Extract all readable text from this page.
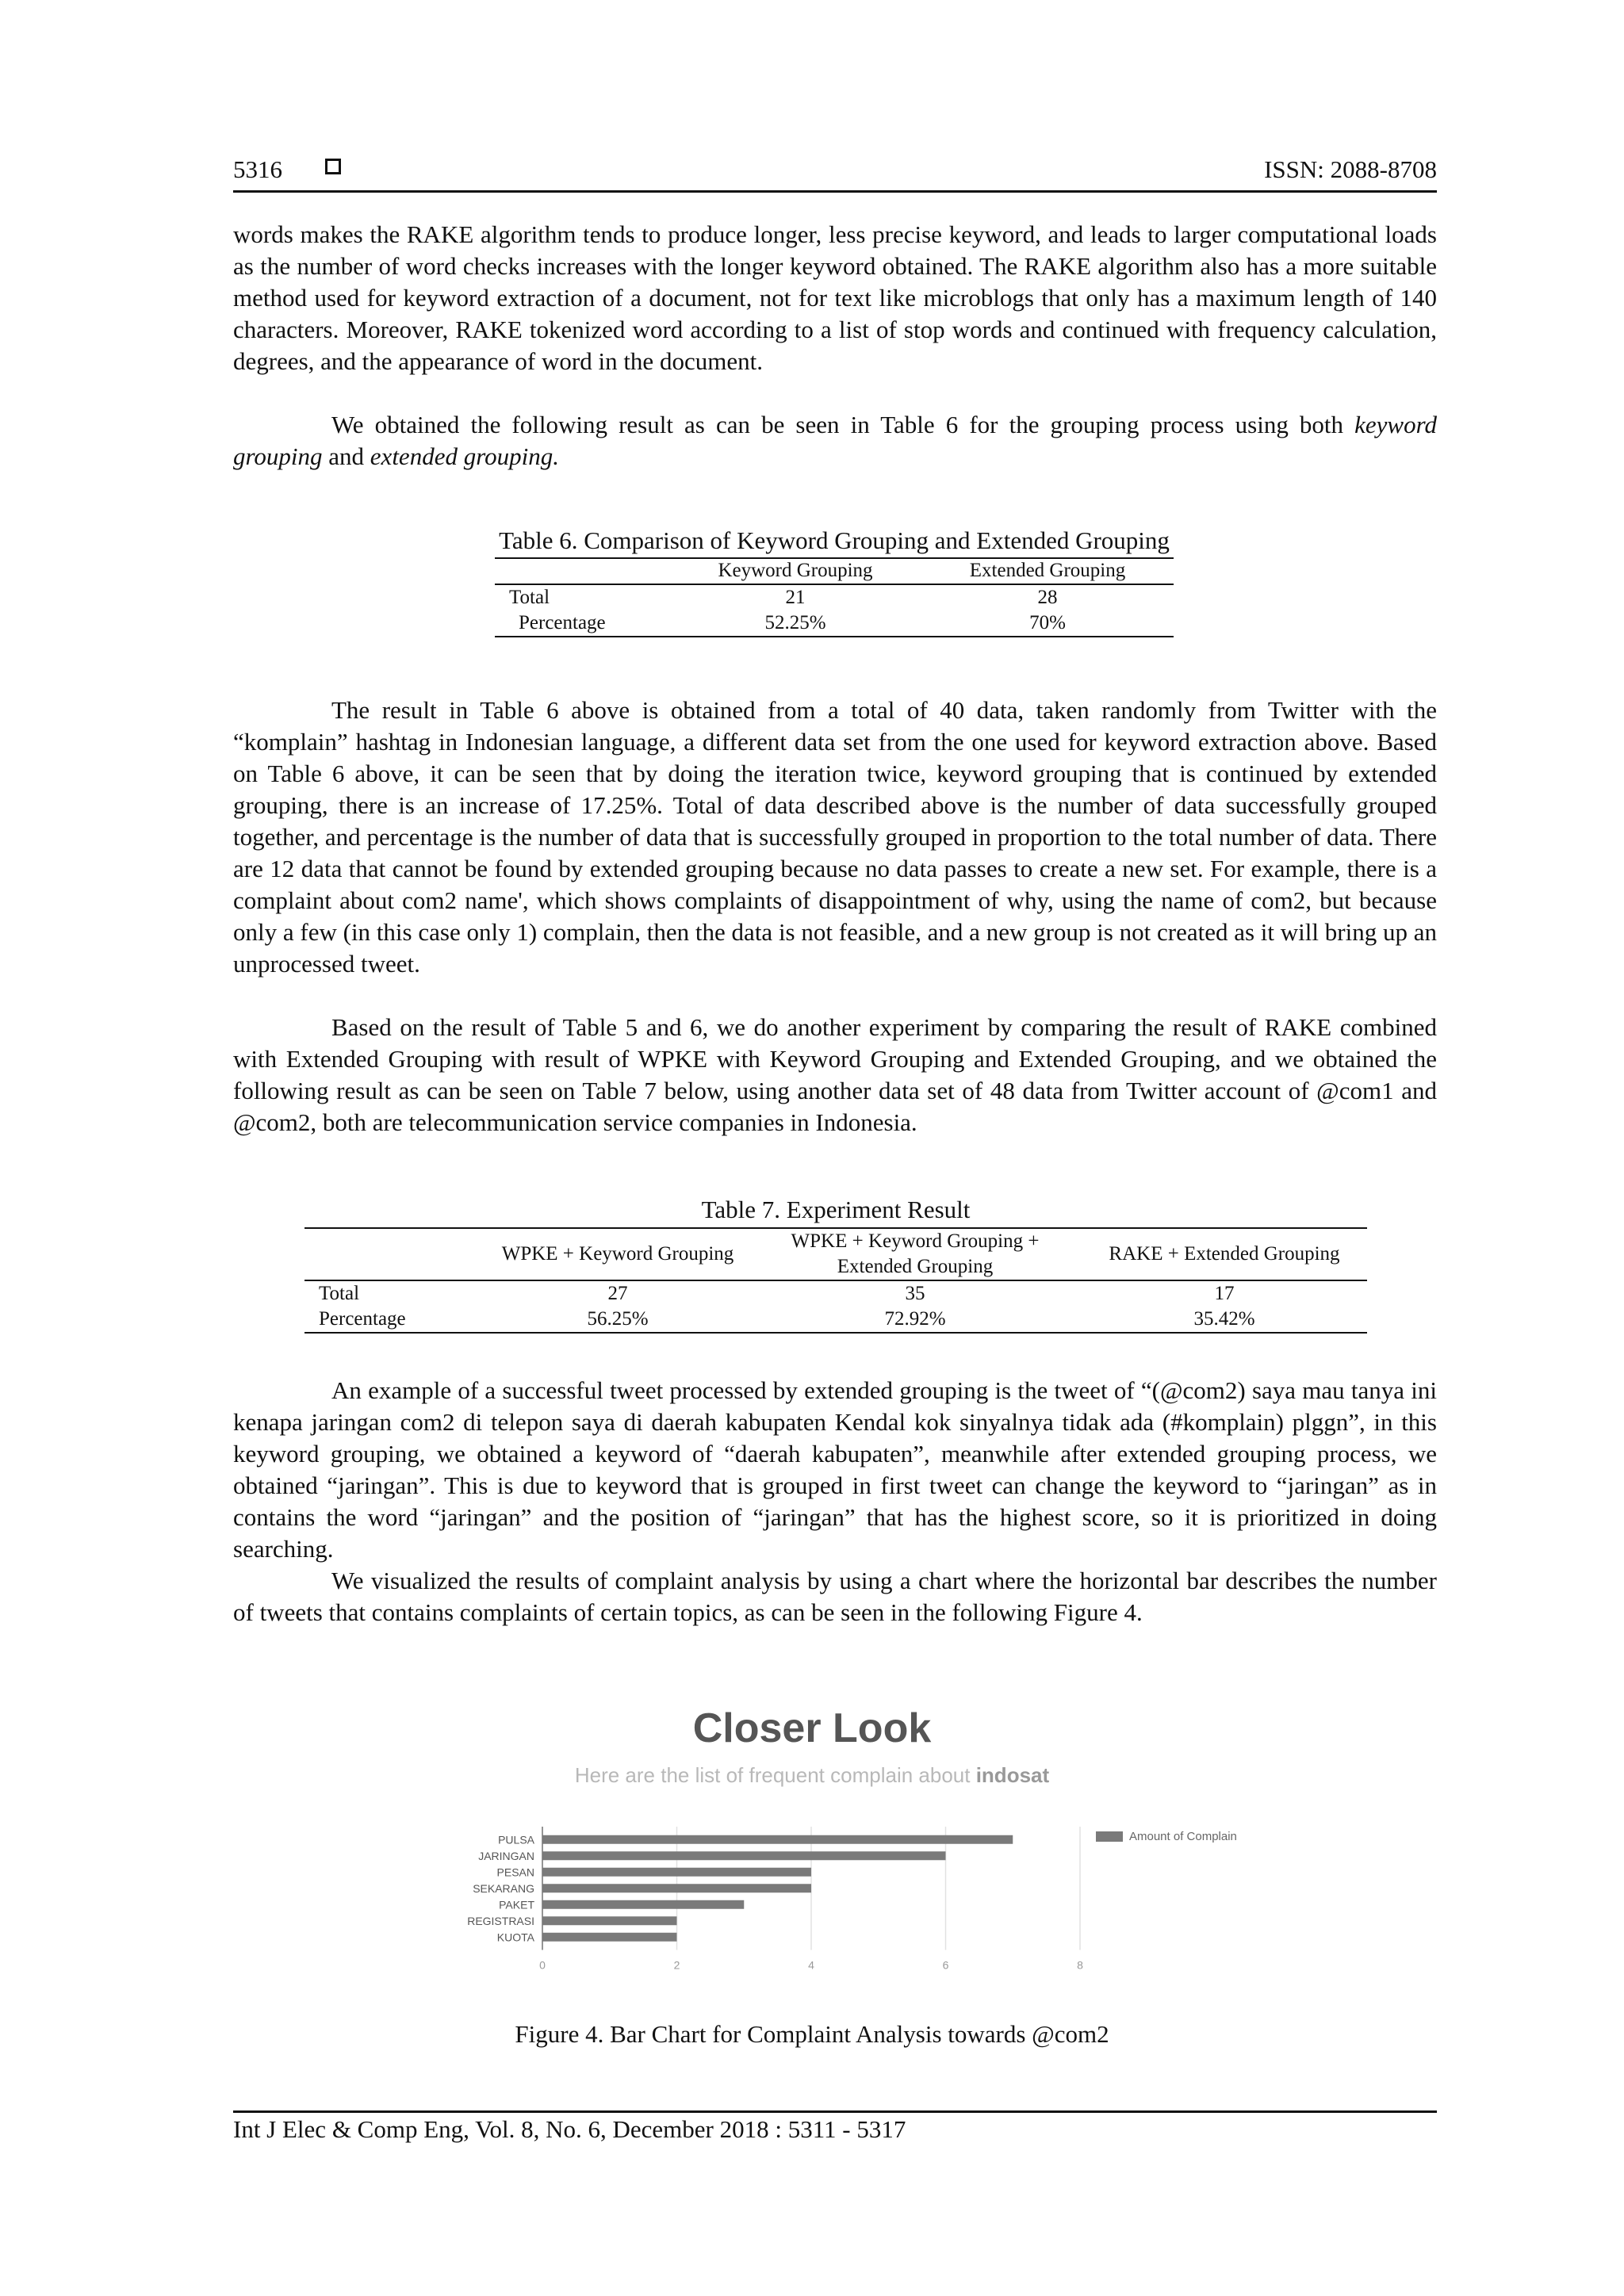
5316	ISSN: 2088-8708

words makes the RAKE algorithm tends to produce longer, less precise keyword, and leads to larger computational loads as the number of word checks increases with the longer keyword obtained. The RAKE algorithm also has a more suitable method used for keyword extraction of a document, not for text like microblogs that only has a maximum length of 140 characters. Moreover, RAKE tokenized word according to a list of stop words and continued with frequency calculation, degrees, and the appearance of word in the document.

We obtained the following result as can be seen in Table 6 for the grouping process using both keyword grouping and extended grouping.

Table 6. Comparison of Keyword Grouping and Extended Grouping
	Keyword Grouping	Extended Grouping
Total	21	28
Percentage	52.25%	70%

The result in Table 6 above is obtained from a total of 40 data, taken randomly from Twitter with the “komplain” hashtag in Indonesian language, a different data set from the one used for keyword extraction above. Based on Table 6 above, it can be seen that by doing the iteration twice, keyword grouping that is continued by extended grouping, there is an increase of 17.25%. Total of data described above is the number of data successfully grouped together, and percentage is the number of data that is successfully grouped in proportion to the total number of data. There are 12 data that cannot be found by extended grouping because no data passes to create a new set. For example, there is a complaint about com2 name', which shows complaints of disappointment of why, using the name of com2, but because only a few (in this case only 1) complain, then the data is not feasible, and a new group is not created as it will bring up an unprocessed tweet.

Based on the result of Table 5 and 6, we do another experiment by comparing the result of RAKE combined with Extended Grouping with result of WPKE with Keyword Grouping and Extended Grouping, and we obtained the following result as can be seen on Table 7 below, using another data set of 48 data from Twitter account of @com1 and @com2, both are telecommunication service companies in Indonesia.

Table 7. Experiment Result
	WPKE + Keyword Grouping	WPKE + Keyword Grouping + Extended Grouping	RAKE + Extended Grouping
Total	27	35	17
Percentage	56.25%	72.92%	35.42%

An example of a successful tweet processed by extended grouping is the tweet of “(@com2) saya mau tanya ini kenapa jaringan com2 di telepon saya di daerah kabupaten Kendal kok sinyalnya tidak ada (#komplain) plggn”, in this keyword grouping, we obtained a keyword of “daerah kabupaten”, meanwhile after extended grouping process, we obtained “jaringan”. This is due to keyword that is grouped in first tweet can change the keyword to “jaringan” as in contains the word “jaringan” and the position of “jaringan” that has the highest score, so it is prioritized in doing searching.

We visualized the results of complaint analysis by using a chart where the horizontal bar describes the number of tweets that contains complaints of certain topics, as can be seen in the following Figure 4.

Closer Look
Here are the list of frequent complain about indosat
0	2	4	6	8
PULSA
JARINGAN
PESAN
SEKARANG
PAKET
REGISTRASI
KUOTA
Amount of Complain
Figure 4. Bar Chart for Complaint Analysis towards @com2
Int J Elec & Comp Eng, Vol. 8, No. 6, December 2018 : 5311 - 5317
